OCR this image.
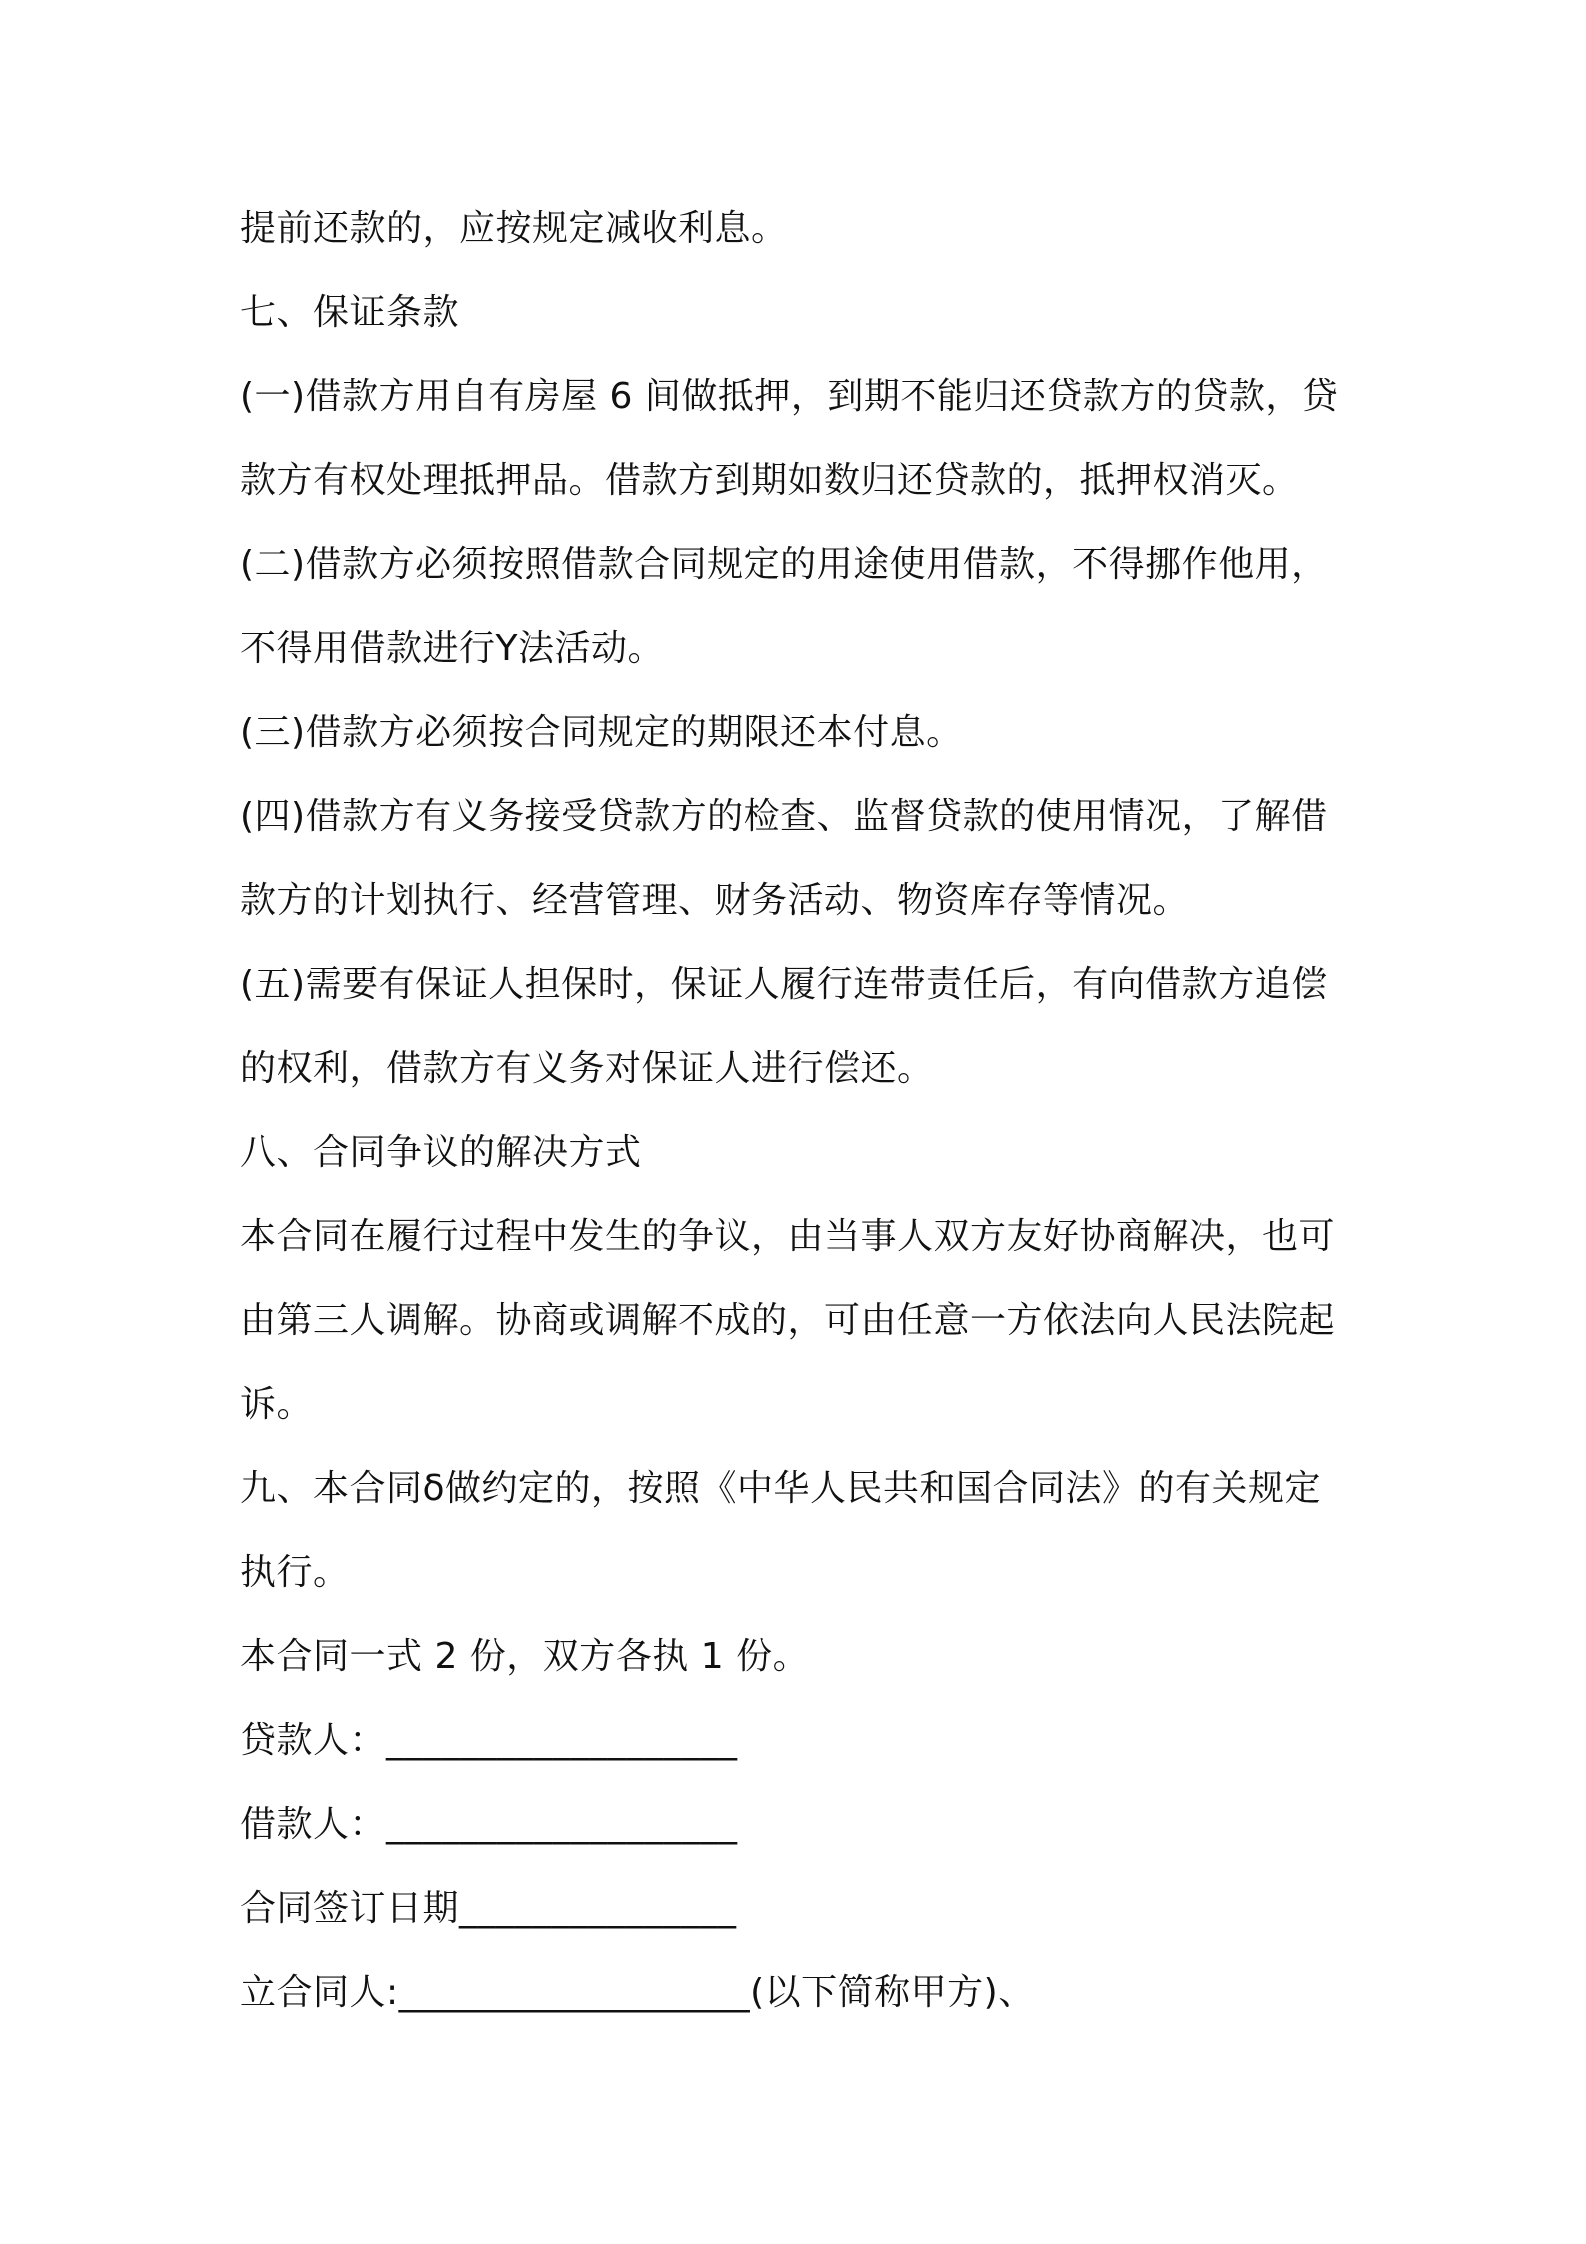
提前还款的，应按规定减收利息。
七、保证条款
(一)借款方用自有房屋 6 间做抵押，到期不能归还贷款方的贷款，贷
款方有权处理抵押品。借款方到期如数归还贷款的，抵押权消灭。
(二)借款方必须按照借款合同规定的用途使用借款，不得挪作他用，
不得用借款进行Y法活动。
(三)借款方必须按合同规定的期限还本付息。
(四)借款方有义务接受贷款方的检查、监督贷款的使用情况，了解借
款方的计划执行、经营管理、财务活动、物资库存等情况。
(五)需要有保证人担保时，保证人履行连带责任后，有向借款方追偿
的权利，借款方有义务对保证人进行偿还。
八、合同争议的解决方式
本合同在履行过程中发生的争议，由当事人双方友好协商解决，也可
由第三人调解。协商或调解不成的，可由任意一方依法向人民法院起
诉。
九、本合同δ做约定的，按照《中华人民共和国合同法》的有关规定
执行。
本合同一式 2 份，双方各执 1 份。
贷款人：___________________
借款人：___________________
合同签订日期_______________
立合同人:___________________(以下简称甲方)、
